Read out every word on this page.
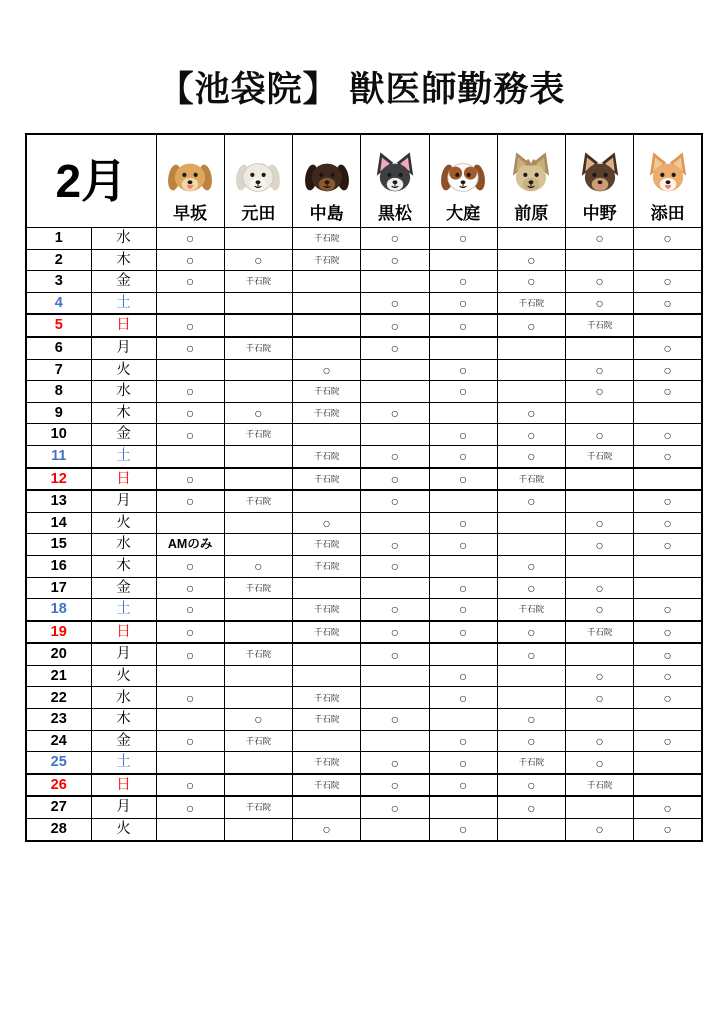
【池袋院】 獣医師勤務表
2月		早坂	元田	中島	黒松	大庭	前原	中野	添田

1	水	○		千石院	○	○		○	○
2	木	○	○	千石院	○		○		
3	金	○	千石院			○	○	○	○
4	土				○	○	千石院	○	○
5	日	○			○	○	○	千石院	
6	月	○	千石院		○				○
7	火			○		○		○	○
8	水	○		千石院		○		○	○
9	木	○	○	千石院	○		○		
10	金	○	千石院			○	○	○	○
11	土			千石院	○	○	○	千石院	○
12	日	○		千石院	○	○	千石院		
13	月	○	千石院		○		○		○
14	火			○		○		○	○
15	水	AMのみ		千石院	○	○		○	○
16	木	○	○	千石院	○		○		
17	金	○	千石院			○	○	○	
18	土	○		千石院	○	○	千石院	○	○
19	日	○		千石院	○	○	○	千石院	○
20	月	○	千石院		○		○		○
21	火					○		○	○
22	水	○		千石院		○		○	○
23	木		○	千石院	○		○		
24	金	○	千石院			○	○	○	○
25	土			千石院	○	○	千石院	○	
26	日	○		千石院	○	○	○	千石院	
27	月	○	千石院		○		○		○
28	火			○		○		○	○
